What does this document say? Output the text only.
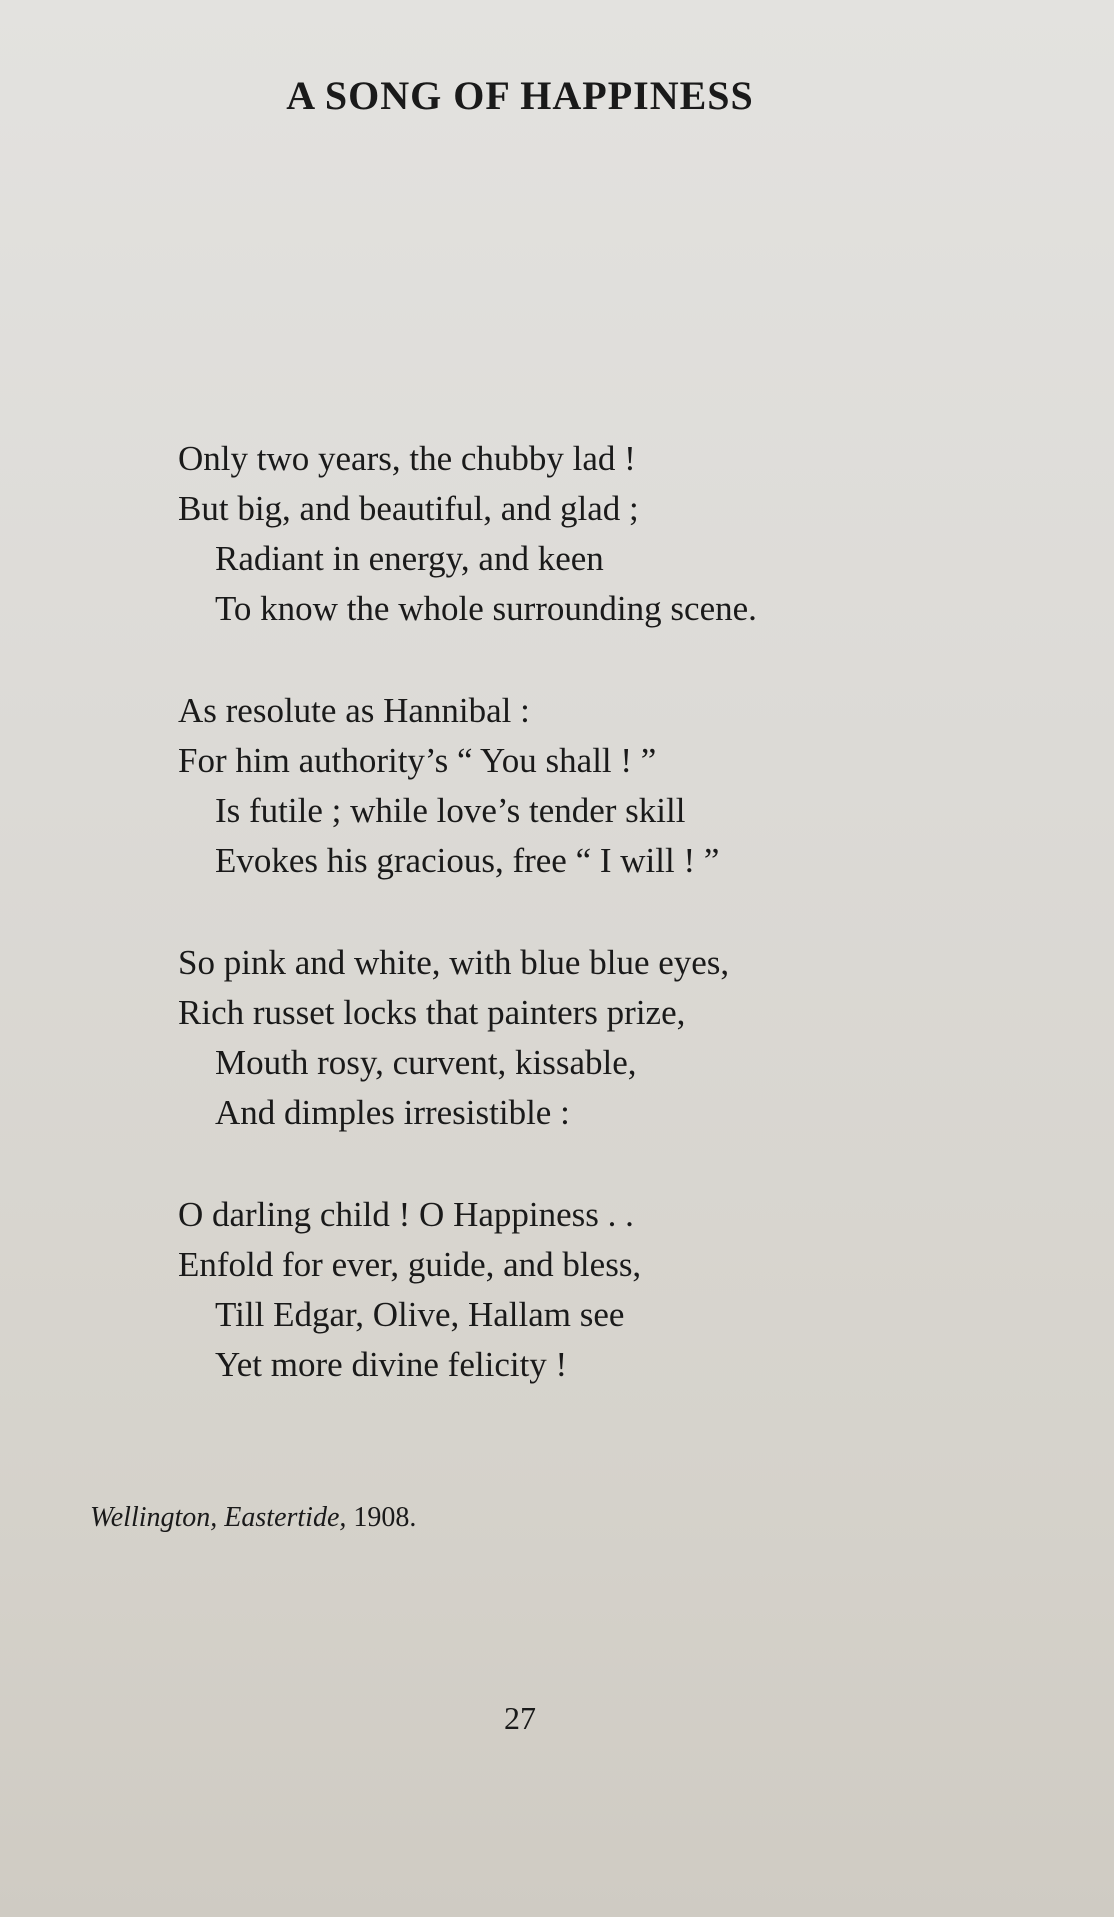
A SONG OF HAPPINESS
Only two years, the chubby lad !
But big, and beautiful, and glad ;
Radiant in energy, and keen
To know the whole surrounding scene.
As resolute as Hannibal :
For him authority’s “ You shall ! ”
Is futile ; while love’s tender skill
Evokes his gracious, free “ I will ! ”
So pink and white, with blue blue eyes,
Rich russet locks that painters prize,
Mouth rosy, curvent, kissable,
And dimples irresistible :
O darling child ! O Happiness . .
Enfold for ever, guide, and bless,
Till Edgar, Olive, Hallam see
Yet more divine felicity !
Wellington, Eastertide, 1908.
27
